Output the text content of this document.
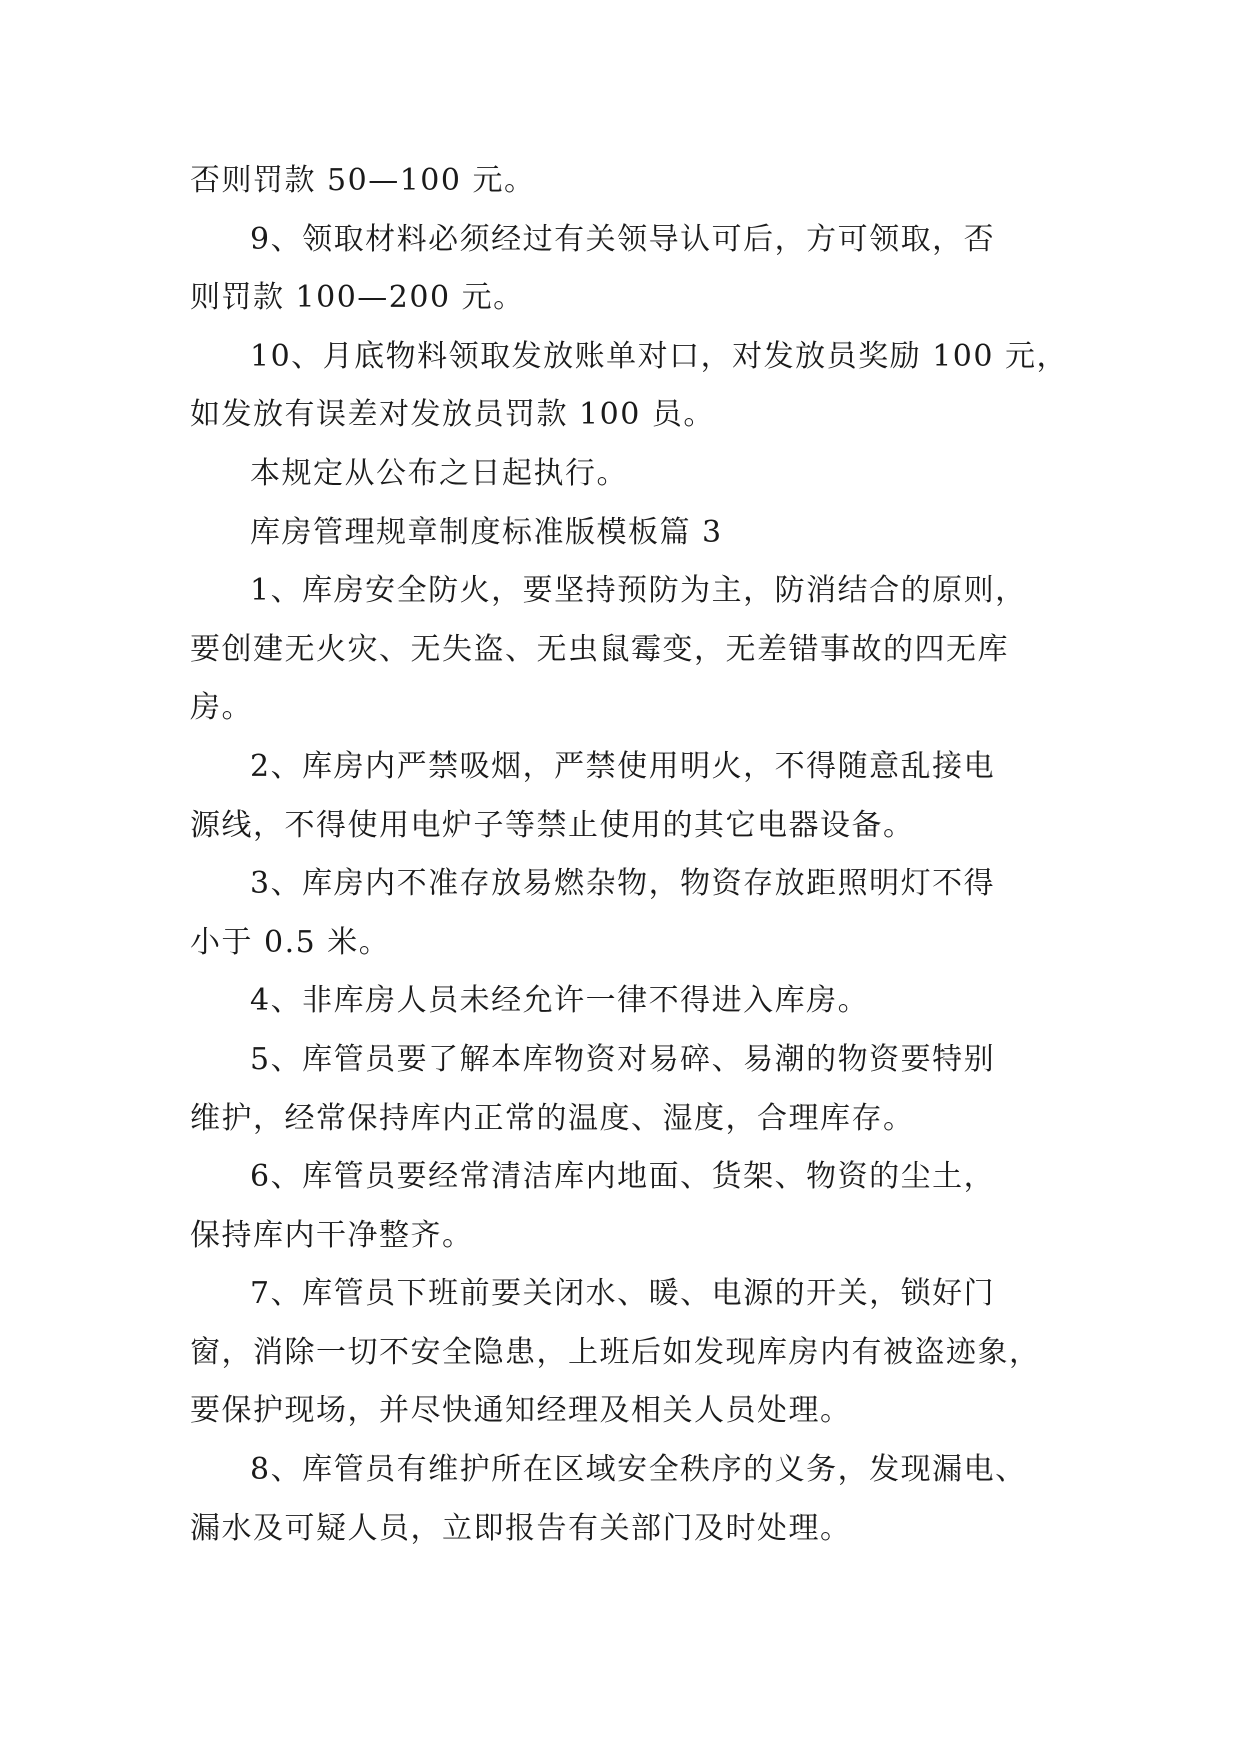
否则罚款 50—100 元。
9、领取材料必须经过有关领导认可后，方可领取，否
则罚款 100—200 元。
10、月底物料领取发放账单对口，对发放员奖励 100 元，
如发放有误差对发放员罚款 100 员。
本规定从公布之日起执行。
库房管理规章制度标准版模板篇 3
1、库房安全防火，要坚持预防为主，防消结合的原则，
要创建无火灾、无失盗、无虫鼠霉变，无差错事故的四无库
房。
2、库房内严禁吸烟，严禁使用明火，不得随意乱接电
源线，不得使用电炉子等禁止使用的其它电器设备。
3、库房内不准存放易燃杂物，物资存放距照明灯不得
小于 0.5 米。
4、非库房人员未经允许一律不得进入库房。
5、库管员要了解本库物资对易碎、易潮的物资要特别
维护，经常保持库内正常的温度、湿度，合理库存。
6、库管员要经常清洁库内地面、货架、物资的尘土，
保持库内干净整齐。
7、库管员下班前要关闭水、暖、电源的开关，锁好门
窗，消除一切不安全隐患，上班后如发现库房内有被盗迹象，
要保护现场，并尽快通知经理及相关人员处理。
8、库管员有维护所在区域安全秩序的义务，发现漏电、
漏水及可疑人员，立即报告有关部门及时处理。
